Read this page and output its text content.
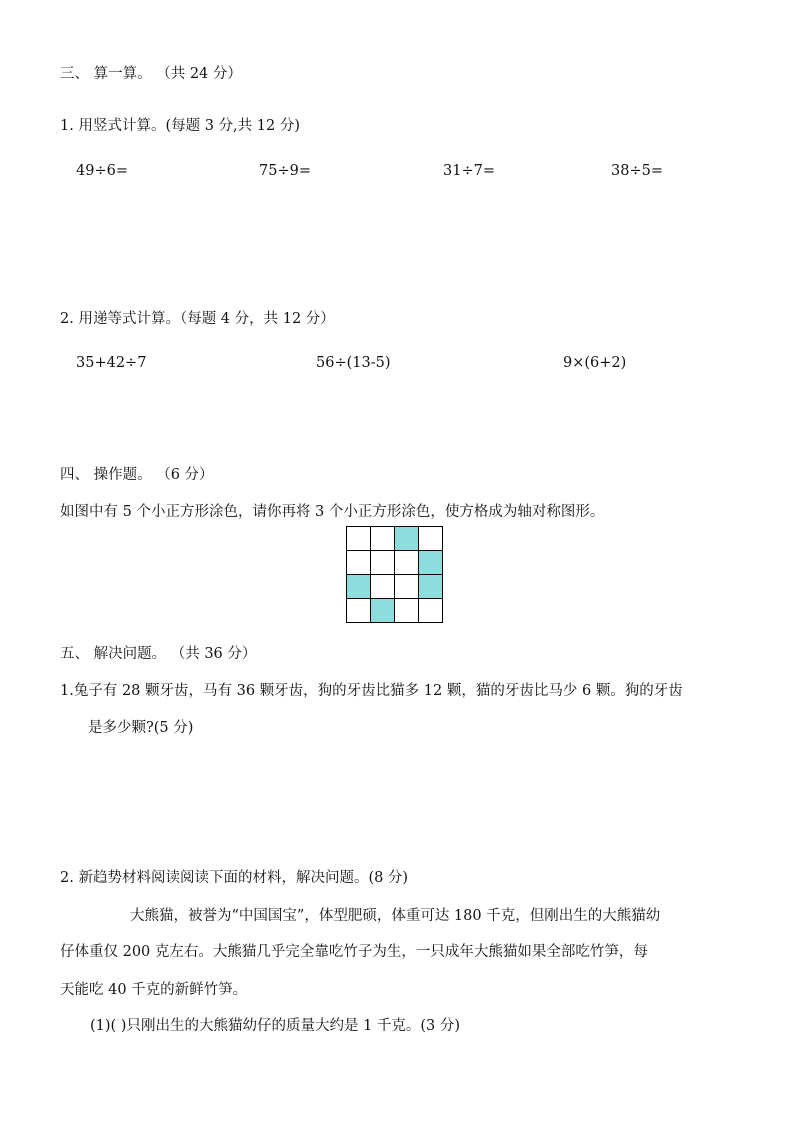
三、 算一算。 （共 24 分）
1. 用竖式计算。(每题 3 分,共 12 分)
49÷6=	75÷9=	31÷7=	38÷5=
2. 用递等式计算。（每题 4 分，共 12 分）
35+42÷7	56÷(13-5)	9×(6+2)
四、 操作题。 （6 分）
如图中有 5 个小正方形涂色，请你再将 3 个小正方形涂色，使方格成为轴对称图形。
五、 解决问题。 （共 36 分）
1.兔子有 28 颗牙齿，马有 36 颗牙齿，狗的牙齿比猫多 12 颗，猫的牙齿比马少 6 颗。狗的牙齿
是多少颗?(5 分)
2. 新趋势材料阅读阅读下面的材料，解决问题。(8 分)
大熊猫，被誉为“中国国宝”，体型肥硕，体重可达 180 千克，但刚出生的大熊猫幼
仔体重仅 200 克左右。大熊猫几乎完全靠吃竹子为生，一只成年大熊猫如果全部吃竹笋，每
天能吃 40 千克的新鲜竹笋。
(1)( )只刚出生的大熊猫幼仔的质量大约是 1 千克。(3 分)
